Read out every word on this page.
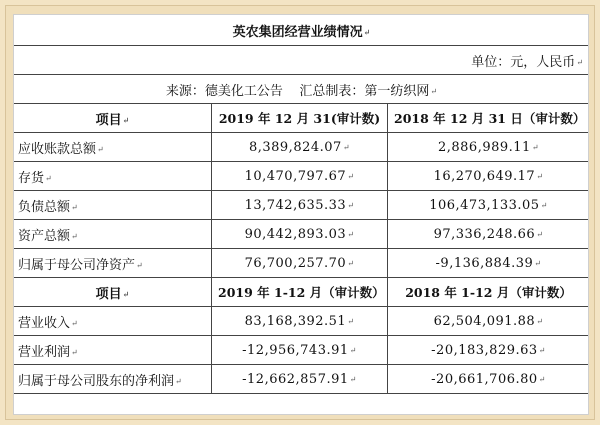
英农集团经营业绩情况↵		
单位：元，人民币↵		
来源：德美化工公告    汇总制表：第一纺织网↵		
项目↵	2019 年 12 月 31(审计数)	2018 年 12 月 31 日（审计数）
应收账款总额↵	8,389,824.07↵	2,886,989.11↵
存货↵	10,470,797.67↵	16,270,649.17↵
负债总额↵	13,742,635.33↵	106,473,133.05↵
资产总额↵	90,442,893.03↵	97,336,248.66↵
归属于母公司净资产↵	76,700,257.70↵	-9,136,884.39↵
项目↵	2019 年 1-12 月（审计数）	2018 年 1-12 月（审计数）
营业收入↵	83,168,392.51↵	62,504,091.88↵
营业利润↵	-12,956,743.91↵	-20,183,829.63↵
归属于母公司股东的净利润↵	-12,662,857.91↵	-20,661,706.80↵
